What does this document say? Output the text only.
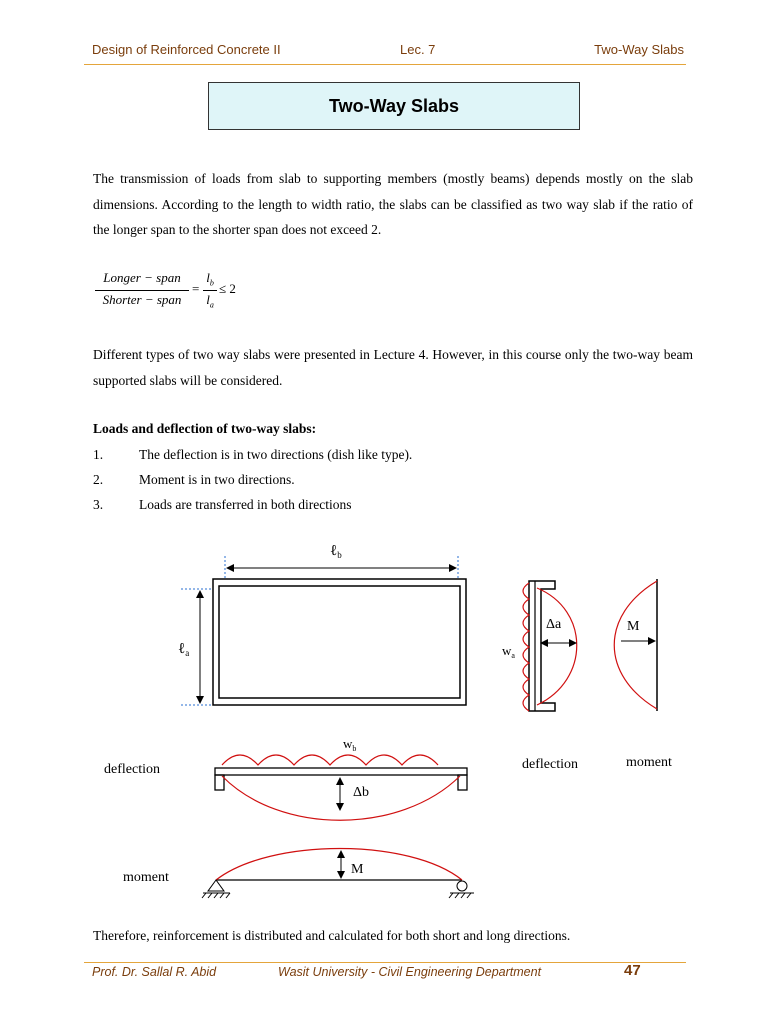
Design of Reinforced Concrete II	Lec. 7	Two-Way Slabs
Two-Way Slabs
The transmission of loads from slab to supporting members (mostly beams) depends mostly on the slab dimensions. According to the length to width ratio, the slabs can be classified as two way slab if the ratio of the longer span to the shorter span does not exceed 2.
Longer − span
Shorter − span
=
$l_b$
$l_a$
≤ 2
Different types of two way slabs were presented in Lecture 4. However, in this course only the two-way beam supported slabs will be considered.
Loads and deflection of two-way slabs:
1.	The deflection is in two directions (dish like type).
2.	Moment is in two directions.
3.	Loads are transferred in both directions
ℓ$_b$
ℓ$_a$
Δa
$w_a$
M
deflection	moment
$w_b$
Δb
deflection
M
moment
Therefore, reinforcement is distributed and calculated for both short and long directions.
Prof. Dr. Sallal R. Abid	Wasit University - Civil Engineering Department	47
